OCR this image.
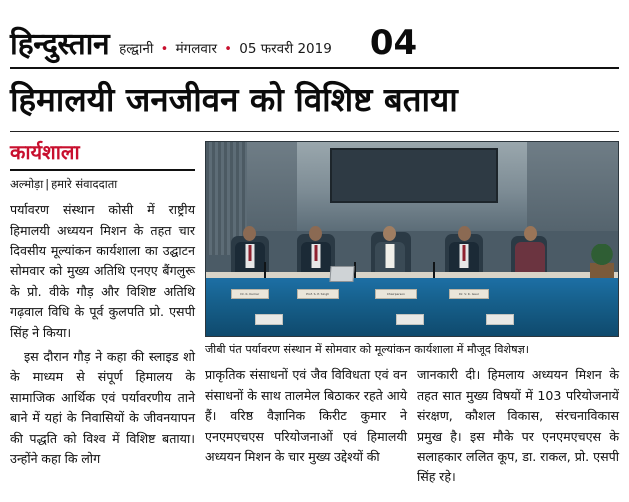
हिन्दुस्तान हल्द्वानी • मंगलवार • 05 फरवरी 2019 04
हिमालयी जनजीवन को विशिष्ट बताया
कार्यशाला
अल्मोड़ा | हमारे संवाददाता

पर्यावरण संस्थान कोसी में राष्ट्रीय हिमालयी अध्ययन मिशन के तहत चार दिवसीय मूल्यांकन कार्यशाला का उद्घाटन सोमवार को मुख्य अतिथि एनएए बैंगलुरू के प्रो. वीके गौड़ और विशिष्ट अतिथि गढ़वाल विधि के पूर्व कुलपति प्रो. एसपी सिंह ने किया।

इस दौरान गौड़ ने कहा की स्लाइड शो के माध्यम से संपूर्ण हिमालय के सामाजिक आर्थिक एवं पर्यावरणीय ताने बाने में यहां के निवासियों के जीवनयापन की पद्धति को विश्व में विशिष्ट बताया। उन्होंने कहा कि लोग

Dr. K. Kumar	Prof. S. P. Singh	Chairperson	Dr. V. K. Gaur
जीबी पंत पर्यावरण संस्थान में सोमवार को मूल्यांकन कार्यशाला में मौजूद विशेषज्ञ।

प्राकृतिक संसाधनों एवं जैव विविधता एवं वन संसाधनों के साथ तालमेल बिठाकर रहते आये हैं। वरिष्ठ वैज्ञानिक किरीट कुमार ने एनएमएचएस परियोजनाओं एवं हिमालयी अध्ययन मिशन के चार मुख्य उद्देश्यों की

जानकारी दी। हिमलाय अध्ययन मिशन के तहत सात मुख्य विषयों में 103 परियोजनायें संरक्षण, कौशल विकास, संरचनाविकास प्रमुख है। इस मौके पर एनएमएचएस के सलाहकार ललित कूप, डा. राकल, प्रो. एसपी सिंह रहे।
